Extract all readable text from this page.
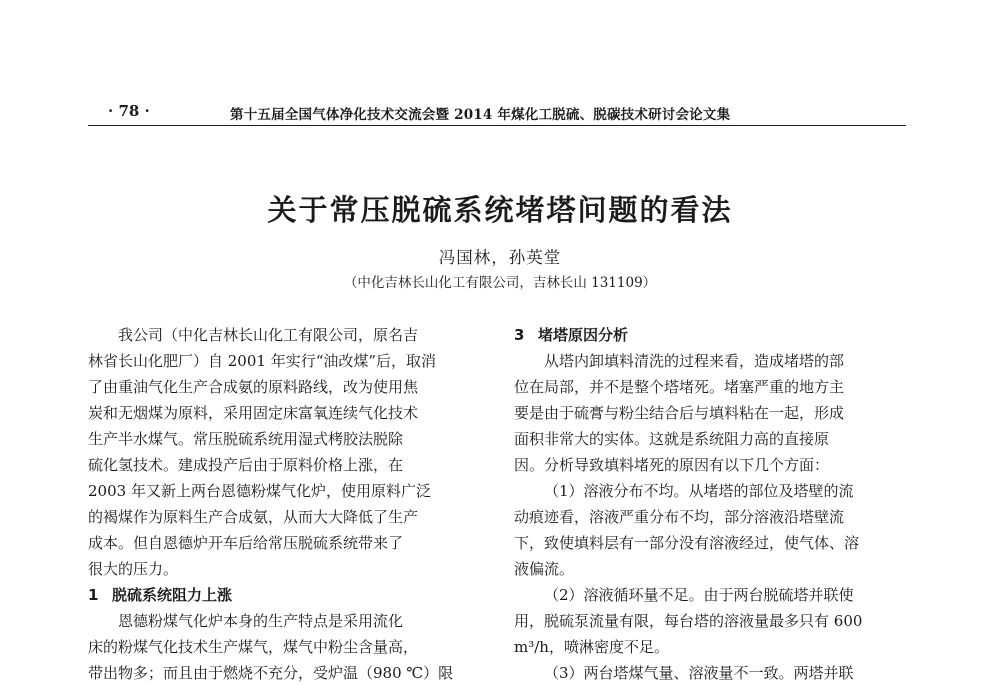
· 78 ·	第十五届全国气体净化技术交流会暨 2014 年煤化工脱硫、脱碳技术研讨会论文集
关于常压脱硫系统堵塔问题的看法
冯国林，孙英堂
（中化吉林长山化工有限公司，吉林长山 131109）

我公司（中化吉林长山化工有限公司，原名吉

林省长山化肥厂）自 2001 年实行“油改煤”后，取消

了由重油气化生产合成氨的原料路线，改为使用焦

炭和无烟煤为原料，采用固定床富氧连续气化技术

生产半水煤气。常压脱硫系统用湿式栲胶法脱除

硫化氢技术。建成投产后由于原料价格上涨，在

2003 年又新上两台恩德粉煤气化炉，使用原料广泛

的褐煤作为原料生产合成氨，从而大大降低了生产

成本。但自恩德炉开车后给常压脱硫系统带来了

很大的压力。

1 脱硫系统阻力上涨

恩德粉煤气化炉本身的生产特点是采用流化

床的粉煤气化技术生产煤气，煤气中粉尘含量高，

带出物多；而且由于燃烧不充分，受炉温（980 ℃）限

3 堵塔原因分析

从塔内卸填料清洗的过程来看，造成堵塔的部

位在局部，并不是整个塔堵死。堵塞严重的地方主

要是由于硫膏与粉尘结合后与填料粘在一起，形成

面积非常大的实体。这就是系统阻力高的直接原

因。分析导致填料堵死的原因有以下几个方面：

（1）溶液分布不均。从堵塔的部位及塔壁的流

动痕迹看，溶液严重分布不均，部分溶液沿塔壁流

下，致使填料层有一部分没有溶液经过，使气体、溶

液偏流。

（2）溶液循环量不足。由于两台脱硫塔并联使

用，脱硫泵流量有限，每台塔的溶液量最多只有 600

m³/h，喷淋密度不足。

（3）两台塔煤气量、溶液量不一致。两塔并联
